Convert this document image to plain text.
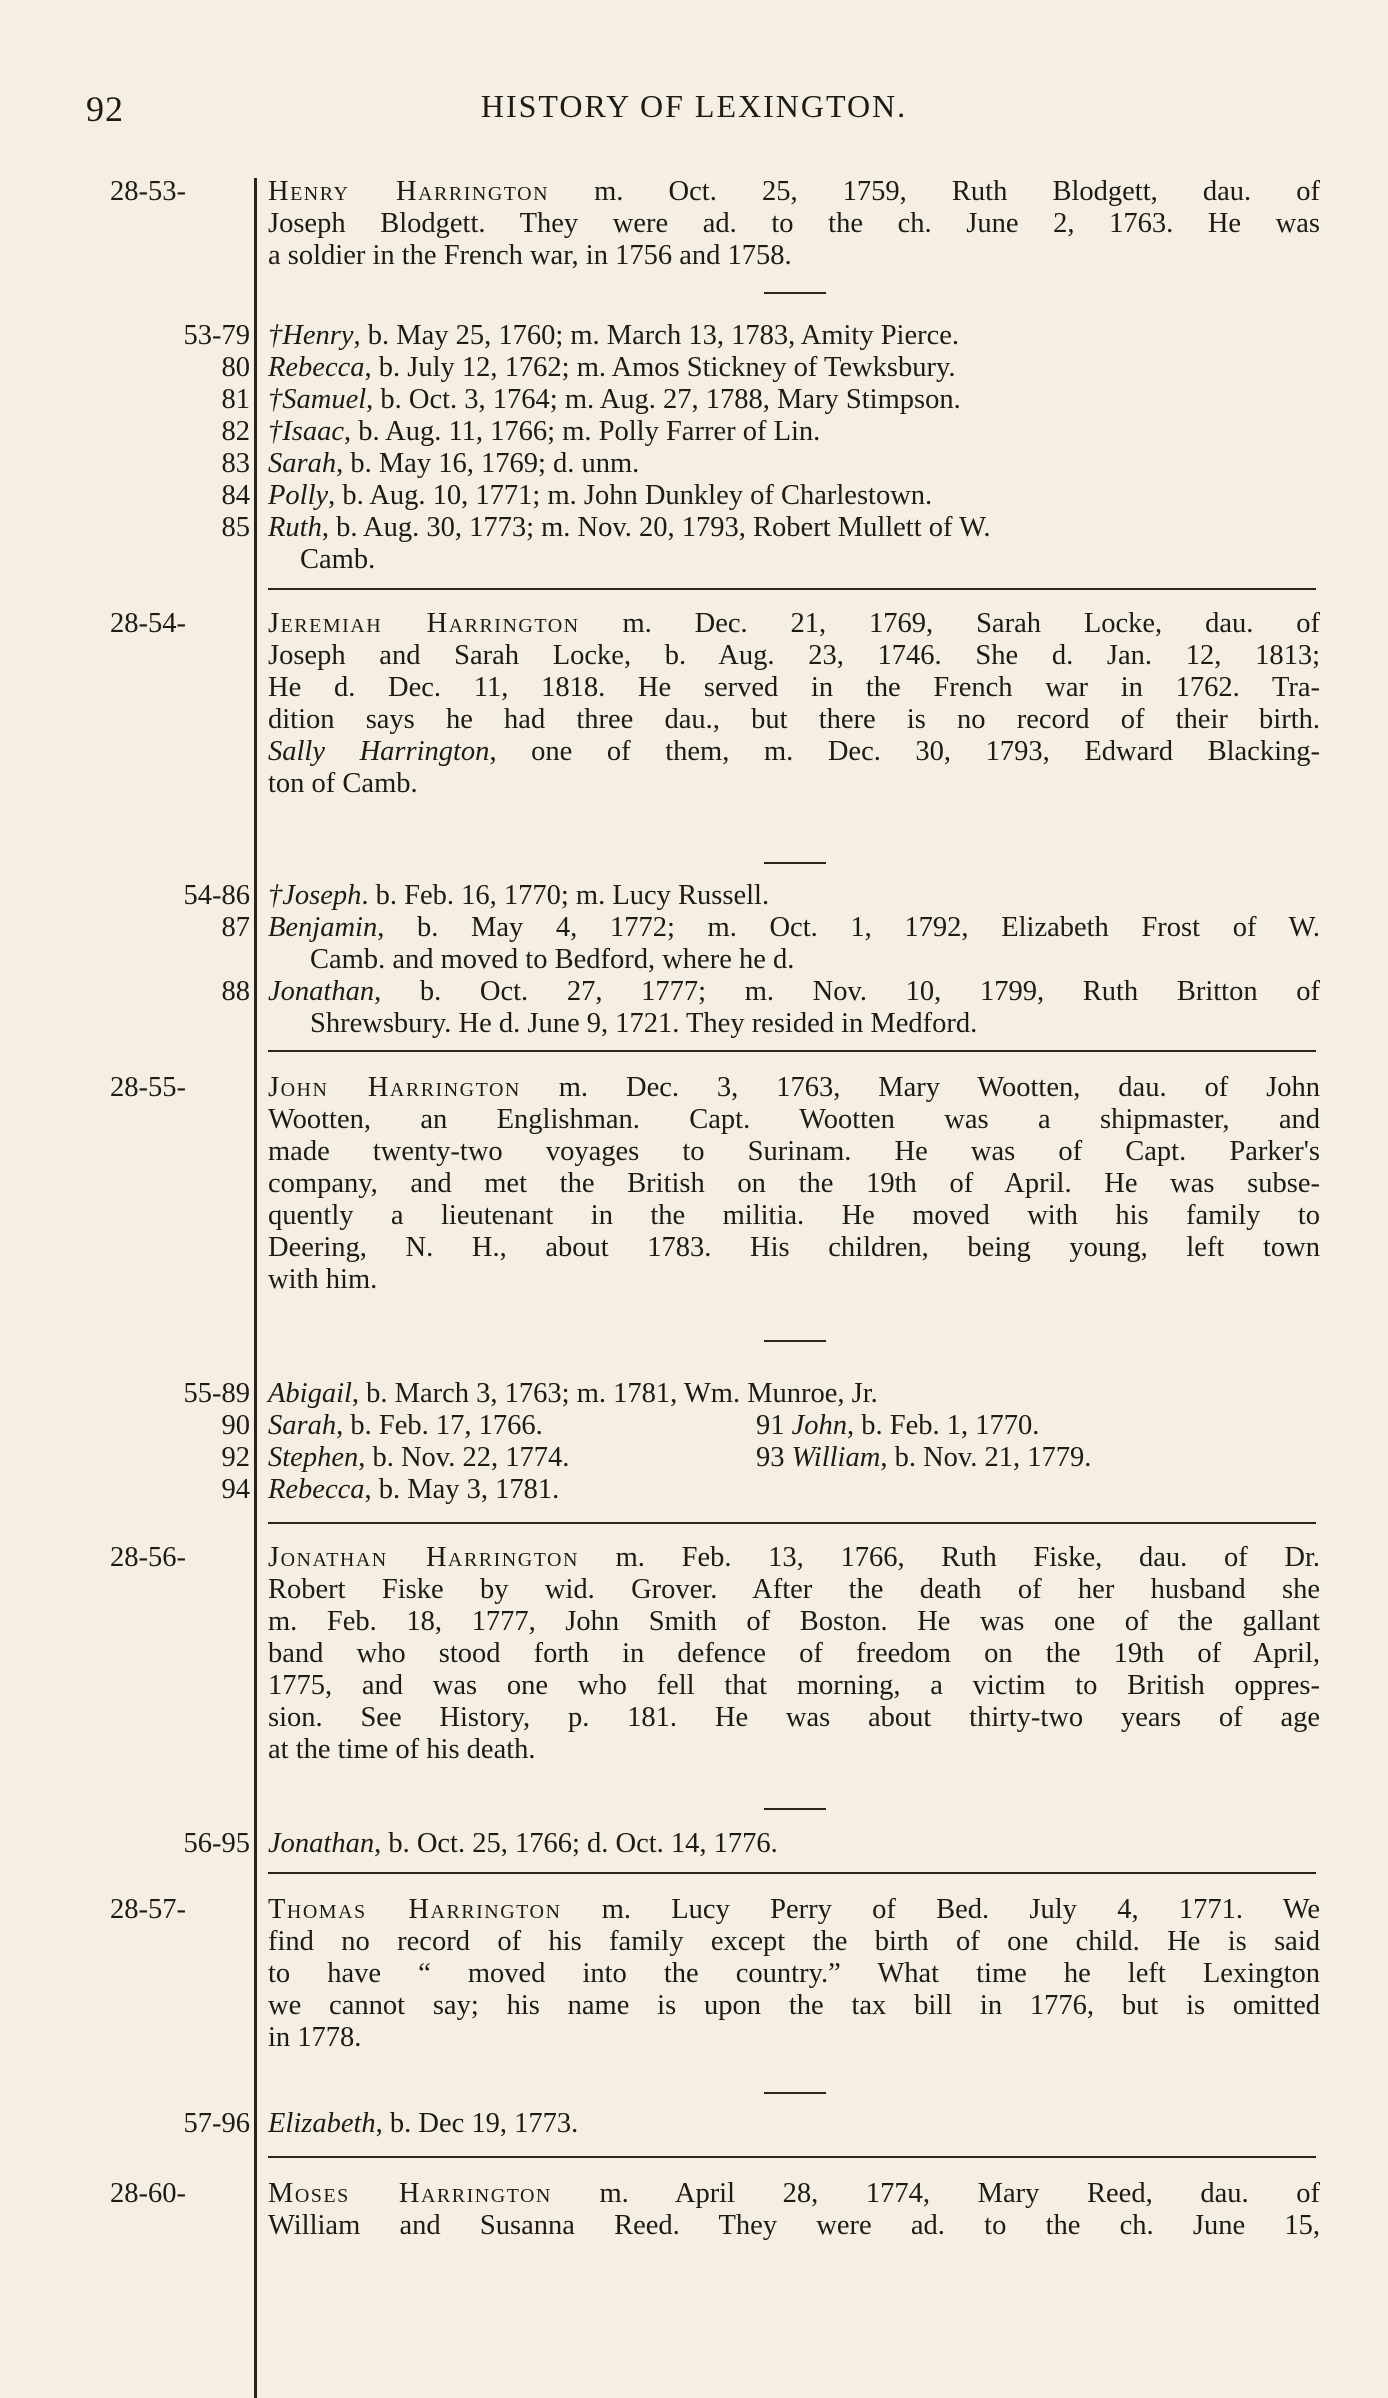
92	HISTORY OF LEXINGTON.
28-53-	Henry Harrington m. Oct. 25, 1759, Ruth Blodgett, dau. of
Joseph Blodgett. They were ad. to the ch. June 2, 1763. He was
a soldier in the French war, in 1756 and 1758.
53-79 †Henry, b. May 25, 1760; m. March 13, 1783, Amity Pierce.
80 Rebecca, b. July 12, 1762; m. Amos Stickney of Tewksbury.
81 †Samuel, b. Oct. 3, 1764; m. Aug. 27, 1788, Mary Stimpson.
82 †Isaac, b. Aug. 11, 1766; m. Polly Farrer of Lin.
83 Sarah, b. May 16, 1769; d. unm.
84 Polly, b. Aug. 10, 1771; m. John Dunkley of Charlestown.
85 Ruth, b. Aug. 30, 1773; m. Nov. 20, 1793, Robert Mullett of W.
Camb.
28-54-	Jeremiah Harrington m. Dec. 21, 1769, Sarah Locke, dau. of
Joseph and Sarah Locke, b. Aug. 23, 1746. She d. Jan. 12, 1813;
He d. Dec. 11, 1818. He served in the French war in 1762. Tra-
dition says he had three dau., but there is no record of their birth.
Sally Harrington, one of them, m. Dec. 30, 1793, Edward Blacking-
ton of Camb.
54-86 †Joseph. b. Feb. 16, 1770; m. Lucy Russell.
87 Benjamin, b. May 4, 1772; m. Oct. 1, 1792, Elizabeth Frost of W.
Camb. and moved to Bedford, where he d.
88 Jonathan, b. Oct. 27, 1777; m. Nov. 10, 1799, Ruth Britton of
Shrewsbury. He d. June 9, 1721. They resided in Medford.
28-55-	John Harrington m. Dec. 3, 1763, Mary Wootten, dau. of John
Wootten, an Englishman. Capt. Wootten was a shipmaster, and
made twenty-two voyages to Surinam. He was of Capt. Parker's
company, and met the British on the 19th of April. He was subse-
quently a lieutenant in the militia. He moved with his family to
Deering, N. H., about 1783. His children, being young, left town
with him.
55-89 Abigail, b. March 3, 1763; m. 1781, Wm. Munroe, Jr.
90 Sarah, b. Feb. 17, 1766.	91 John, b. Feb. 1, 1770.
92 Stephen, b. Nov. 22, 1774.	93 William, b. Nov. 21, 1779.
94 Rebecca, b. May 3, 1781.
28-56-	Jonathan Harrington m. Feb. 13, 1766, Ruth Fiske, dau. of Dr.
Robert Fiske by wid. Grover. After the death of her husband she
m. Feb. 18, 1777, John Smith of Boston. He was one of the gallant
band who stood forth in defence of freedom on the 19th of April,
1775, and was one who fell that morning, a victim to British oppres-
sion. See History, p. 181. He was about thirty-two years of age
at the time of his death.
56-95 Jonathan, b. Oct. 25, 1766; d. Oct. 14, 1776.
28-57-	Thomas Harrington m. Lucy Perry of Bed. July 4, 1771. We
find no record of his family except the birth of one child. He is said
to have “ moved into the country.” What time he left Lexington
we cannot say; his name is upon the tax bill in 1776, but is omitted
in 1778.
57-96 Elizabeth, b. Dec 19, 1773.
28-60-	Moses Harrington m. April 28, 1774, Mary Reed, dau. of
William and Susanna Reed. They were ad. to the ch. June 15,
